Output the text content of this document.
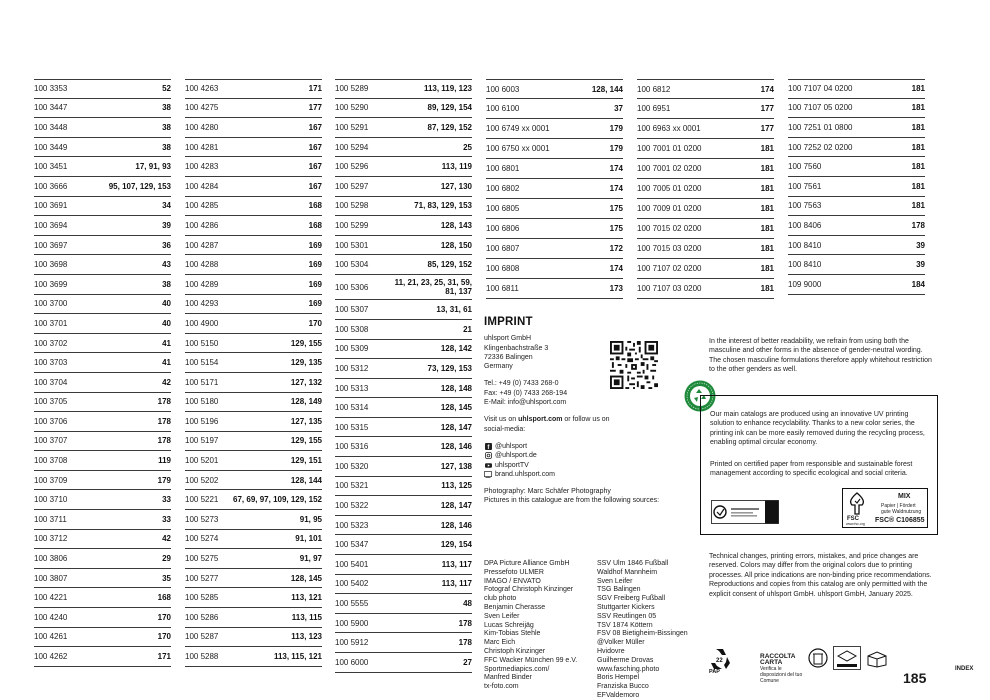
100 3353	52
100 3447	38
100 3448	38
100 3449	38
100 3451	17, 91, 93
100 3666	95, 107, 129, 153
100 3691	34
100 3694	39
100 3697	36
100 3698	43
100 3699	38
100 3700	40
100 3701	40
100 3702	41
100 3703	41
100 3704	42
100 3705	178
100 3706	178
100 3707	178
100 3708	119
100 3709	179
100 3710	33
100 3711	33
100 3712	42
100 3806	29
100 3807	35
100 4221	168
100 4240	170
100 4261	170
100 4262	171
100 4263	171
100 4275	177
100 4280	167
100 4281	167
100 4283	167
100 4284	167
100 4285	168
100 4286	168
100 4287	169
100 4288	169
100 4289	169
100 4293	169
100 4900	170
100 5150	129, 155
100 5154	129, 135
100 5171	127, 132
100 5180	128, 149
100 5196	127, 135
100 5197	129, 155
100 5201	129, 151
100 5202	128, 144
100 5221 67, 69, 97, 109, 129, 152
100 5273	91, 95
100 5274	91, 101
100 5275	91, 97
100 5277	128, 145
100 5285	113, 121
100 5286	113, 115
100 5287	113, 123
100 5288	113, 115, 121
100 5289	113, 119, 123
100 5290	89, 129, 154
100 5291	87, 129, 152
100 5294	25
100 5296	113, 119
100 5297	127, 130
100 5298	71, 83, 129, 153
100 5299	128, 143
100 5301	128, 150
100 5304	85, 129, 152
100 5306	11, 21, 23, 25, 31, 59, 81, 137
100 5307	13, 31, 61
100 5308	21
100 5309	128, 142
100 5312	73, 129, 153
100 5313	128, 148
100 5314	128, 145
100 5315	128, 147
100 5316	128, 146
100 5320	127, 138
100 5321	113, 125
100 5322	128, 147
100 5323	128, 146
100 5347	129, 154
100 5401	113, 117
100 5402	113, 117
100 5555	48
100 5900	178
100 5912	178
100 6000	27
100 6003	128, 144
100 6100	37
100 6749 xx 0001	179
100 6750 xx 0001	179
100 6801	174
100 6802	174
100 6805	175
100 6806	175
100 6807	172
100 6808	174
100 6811	173
100 6812	174
100 6951	177
100 6963 xx 0001	177
100 7001 01 0200	181
100 7001 02 0200	181
100 7005 01 0200	181
100 7009 01 0200	181
100 7015 02 0200	181
100 7015 03 0200	181
100 7107 02 0200	181
100 7107 03 0200	181
100 7107 04 0200	181
100 7107 05 0200	181
100 7251 01 0800	181
100 7252 02 0200	181
100 7560	181
100 7561	181
100 7563	181
100 8406	178
100 8410	39
100 8410	39
109 9000	184
IMPRINT
uhlsport GmbH
Klingenbachstraße 3
72336 Balingen
Germany
Tel.: +49 (0) 7433 268-0
Fax: +49 (0) 7433 268-194
E-Mail: info@uhlsport.com
Visit us on uhlsport.com or follow us on
social-media:
f @uhlsport
@uhlsport.de
uhlsportTV
brand.uhlsport.com
Photography: Marc Schäfer Photography
Pictures in this catalogue are from the following sources:
DPA Picture Alliance GmbH
Pressefoto ULMER
IMAGO / ENVATO
Fotograf Christoph Kinzinger
club photo
Benjamin Cherasse
Sven Leifer
Lucas Schreijäg
Kim-Tobias Stehle
Marc Eich
Christoph Kinzinger
FFC Wacker München 99 e.V.
Sportmediapics.com/
Manfred Binder
tx-foto.com
SSV Ulm 1846 Fußball
Waldhof Mannheim
Sven Leifer
TSG Balingen
SGV Freiberg Fußball
Stuttgarter Kickers
SSV Reutlingen 05
TSV 1874 Köttern
FSV 08 Bietigheim-Bissingen
@Volker Müller
Hvidovre
Guilherme Drovas
www.fasching.photo
Boris Hempel
Franziska Bucco
EFValdemoro
In the interest of better readability, we refrain from using both the masculine and other forms in the absence of gender-neutral wording. The chosen masculine formulations therefore apply whitehout restriction to the other genders as well.

Our main catalogs are produced using an innovative UV printing solution to enhance recyclability. Thanks to a new color series, the printing ink can be more easily removed during the recycling process, enabling optimal circular economy.

Printed on certified paper from responsible and sustainable forest management according to specific ecological and social criteria.

FSC
www.fsc.org
MIX
Papier | Fördert
gute Waldnutzung
FSC® C106855
Technical changes, printing errors, mistakes, and price changes are reserved. Colors may differ from the original colors due to printing processes. All price indications are non-binding price recommendations. Reproductions and copies from this catalog are only permitted with the explicit consent of uhlsport GmbH. uhlsport GmbH, January 2025.
22
PAP
RACCOLTA CARTA
Verifica le disposizioni del tuo Comune	185
INDEX
